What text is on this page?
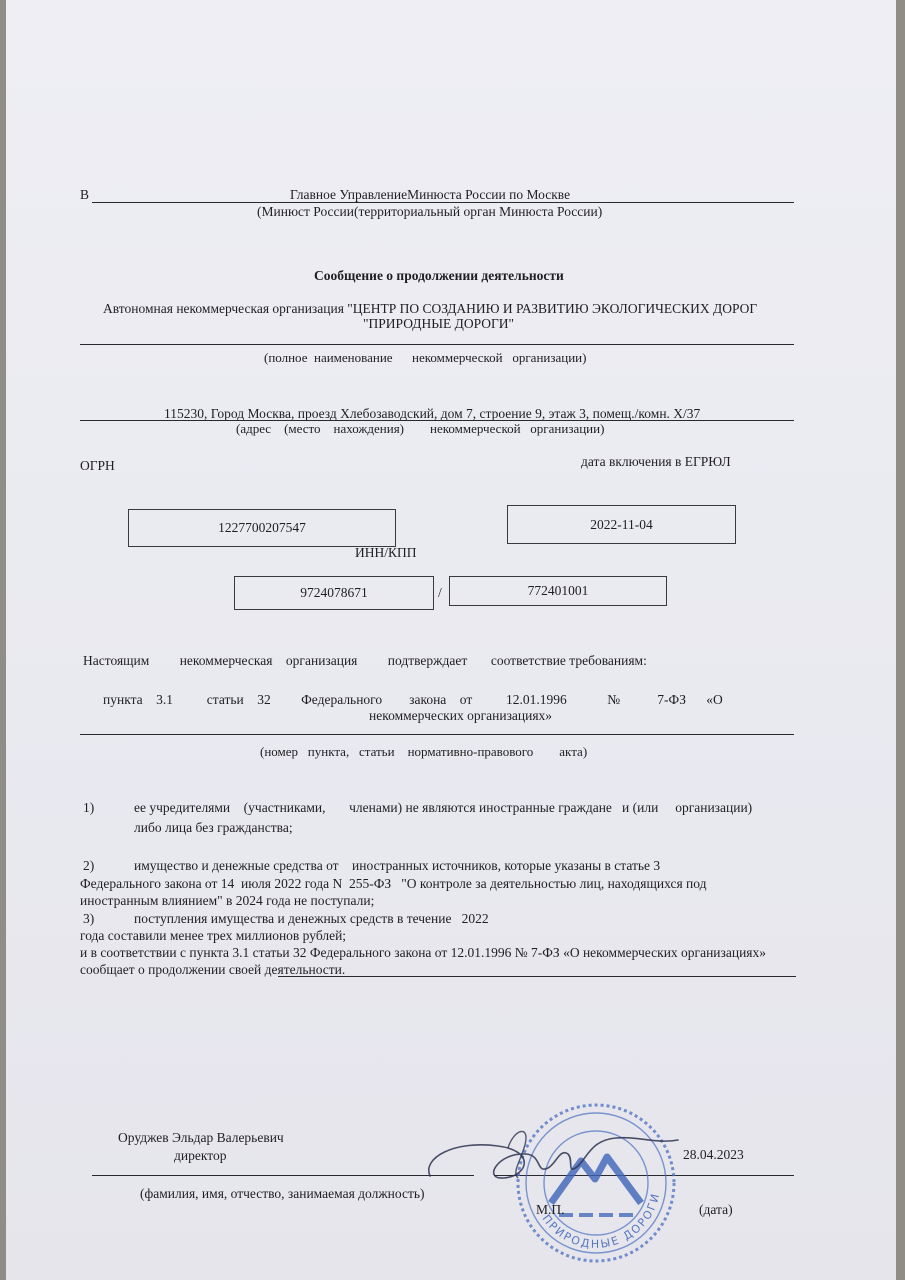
В	Главное УправлениеМинюста России по Москве
(Минюст России(территориальный орган Минюста России)
Сообщение о продолжении деятельности
Автономная некоммерческая организация "ЦЕНТР ПО СОЗДАНИЮ И РАЗВИТИЮ ЭКОЛОГИЧЕСКИХ ДОРОГ
"ПРИРОДНЫЕ ДОРОГИ"
(полное  наименование      некоммерческой   организации)
115230, Город Москва, проезд Хлебозаводский, дом 7, строение 9, этаж 3, помещ./комн. Х/37
(адрес    (место    нахождения)        некоммерческой   организации)
ОГРН	дата включения в ЕГРЮЛ
1227700207547	2022-11-04
ИНН/КПП
9724078671	/	772401001
Настоящим         некоммерческая    организация         подтверждает       соответствие требованиям:
пункта    3.1          статьи    32         Федерального        закона    от          12.01.1996            №           7-ФЗ      «О
некоммерческих организациях»
(номер   пункта,   статьи    нормативно-правового        акта)
1)	ее учредителями    (участниками,       членами) не являются иностранные граждане   и (или     организации)
либо лица без гражданства;
2)	имущество и денежные средства от    иностранных источников, которые указаны в статье 3
Федерального закона от 14  июля 2022 года N  255-ФЗ   "О контроле за деятельностью лиц, находящихся под
иностранным влиянием" в 2024 года не поступали;
3)	поступления имущества и денежных средств в течение   2022
года составили менее трех миллионов рублей;
и в соответствии с пункта 3.1 статьи 32 Федерального закона от 12.01.1996 № 7-ФЗ «О некоммерческих организациях»
сообщает о продолжении своей деятельности.
Оруджев Эльдар Валерьевич
директор
(фамилия, имя, отчество, занимаемая должность)
28.04.2023
(дата)
ПРИРОДНЫЕ ДОРОГИ
М.П.
